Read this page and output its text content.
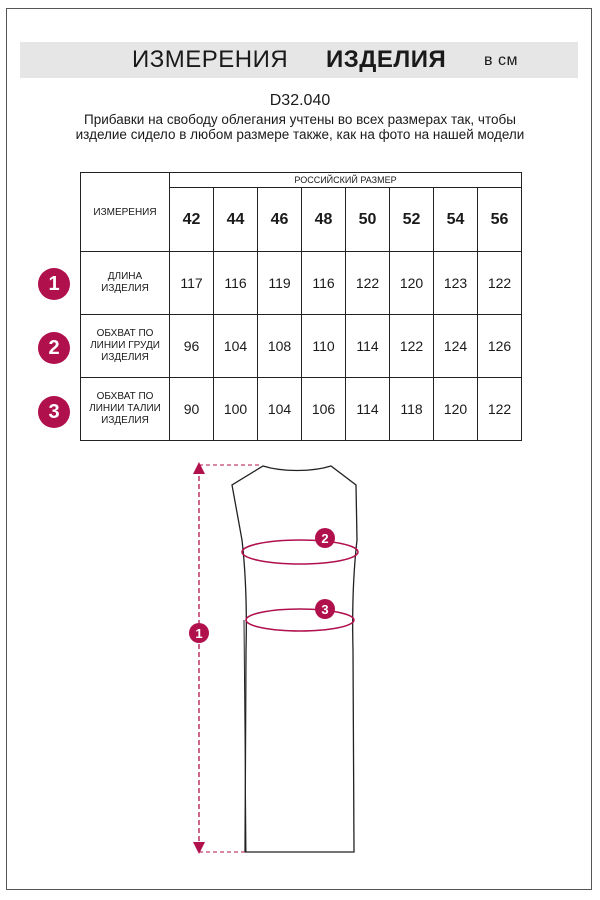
ИЗМЕРЕНИЯ ИЗДЕЛИЯ в см
D32.040
Прибавки на свободу облегания учтены во всех размерах так, чтобы изделие сидело в любом размере также, как на фото на нашей модели
ИЗМЕРЕНИЯ	РОССИЙСКИЙ РАЗМЕР							
	42	44	46	48	50	52	54	56

ДЛИНА
ИЗДЕЛИЯ	117	116	119	116	122	120	123	122

ОБХВАТ ПО
ЛИНИИ ГРУДИ
ИЗДЕЛИЯ	96	104	108	110	114	122	124	126

ОБХВАТ ПО
ЛИНИИ ТАЛИИ
ИЗДЕЛИЯ	90	100	104	106	114	118	120	122
1
2
3
1
2
3
